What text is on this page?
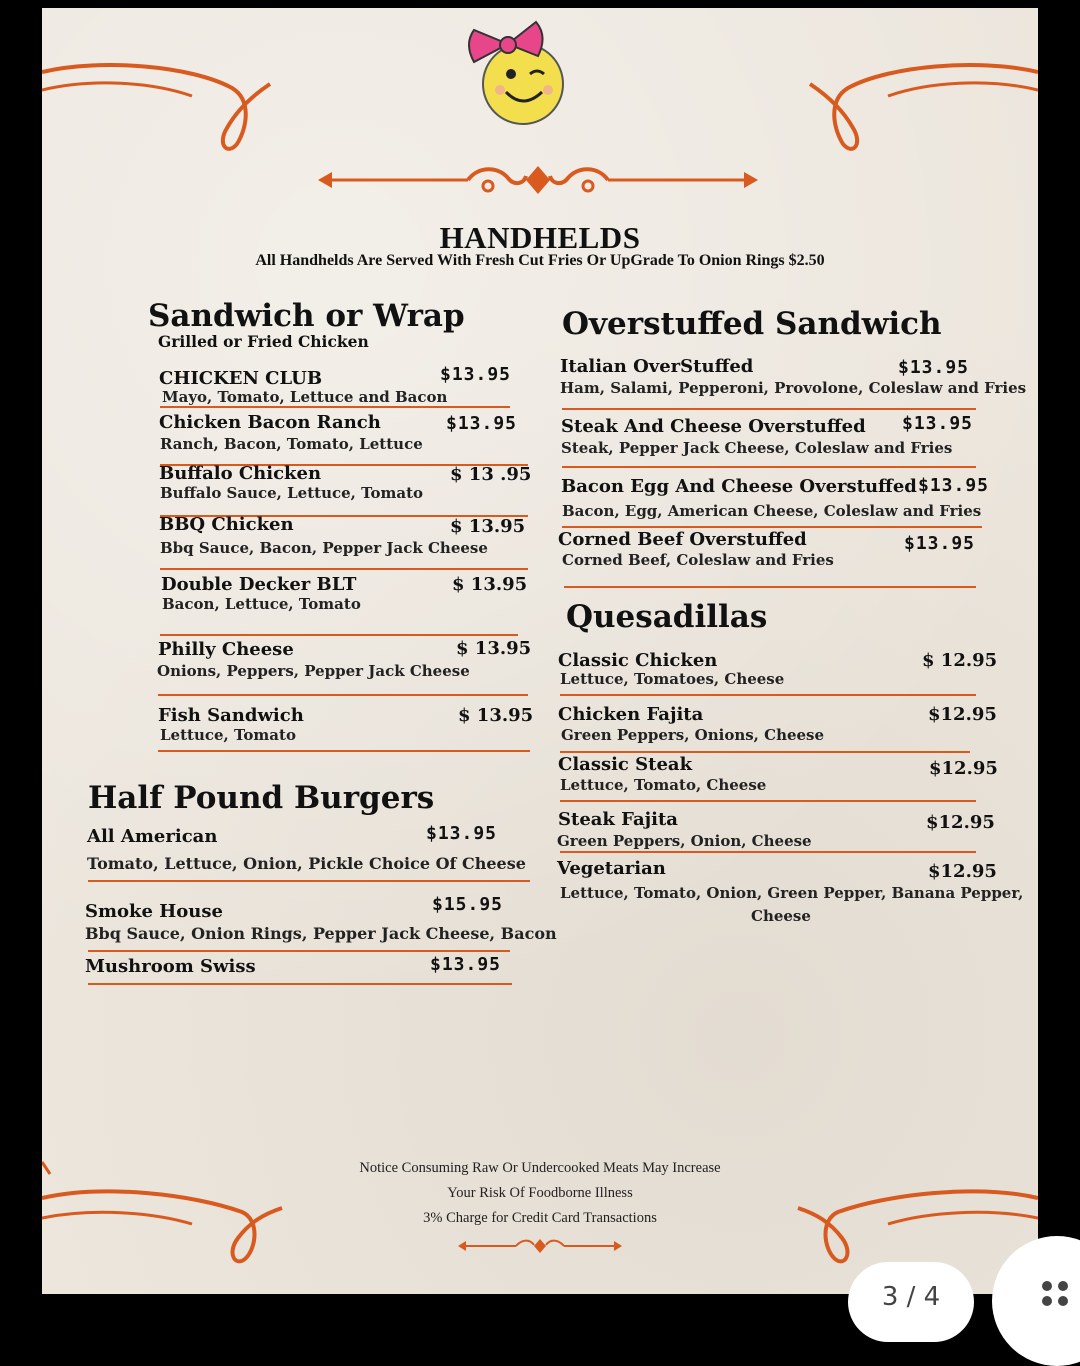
HANDHELDS
All Handhelds Are Served With Fresh Cut Fries Or UpGrade To Onion Rings $2.50
Sandwich or Wrap
Grilled or Fried Chicken
CHICKEN CLUB	$13.95
Mayo, Tomato, Lettuce and Bacon
Chicken Bacon Ranch	$13.95
Ranch, Bacon, Tomato, Lettuce
Buffalo Chicken	$ 13 .95
Buffalo Sauce, Lettuce, Tomato
BBQ Chicken	$ 13.95
Bbq Sauce, Bacon, Pepper Jack Cheese
Double Decker BLT	$ 13.95
Bacon, Lettuce, Tomato
Philly Cheese	$ 13.95
Onions, Peppers, Pepper Jack Cheese
Fish Sandwich	$ 13.95
Lettuce, Tomato
Half Pound Burgers
All American	$13.95
Tomato, Lettuce, Onion, Pickle Choice Of Cheese
Smoke House	$15.95
Bbq Sauce, Onion Rings, Pepper Jack Cheese, Bacon
Mushroom Swiss	$13.95
Overstuffed Sandwich
Italian OverStuffed	$13.95
Ham, Salami, Pepperoni, Provolone, Coleslaw and Fries
Steak And Cheese Overstuffed $13.95
Steak, Pepper Jack Cheese, Coleslaw and Fries
Bacon Egg And Cheese Overstuffed $13.95
Bacon, Egg, American Cheese, Coleslaw and Fries
Corned Beef Overstuffed	$13.95
Corned Beef, Coleslaw and Fries
Quesadillas
Classic Chicken	$ 12.95
Lettuce, Tomatoes, Cheese
Chicken Fajita	$12.95
Green Peppers, Onions, Cheese
Classic Steak	$12.95
Lettuce, Tomato, Cheese
Steak Fajita	$12.95
Green Peppers, Onion, Cheese
Vegetarian	$12.95
Lettuce, Tomato, Onion, Green Pepper, Banana Pepper,
Cheese
Notice Consuming Raw Or Undercooked Meats May Increase
Your Risk Of Foodborne Illness
3% Charge for Credit Card Transactions
3 / 4
